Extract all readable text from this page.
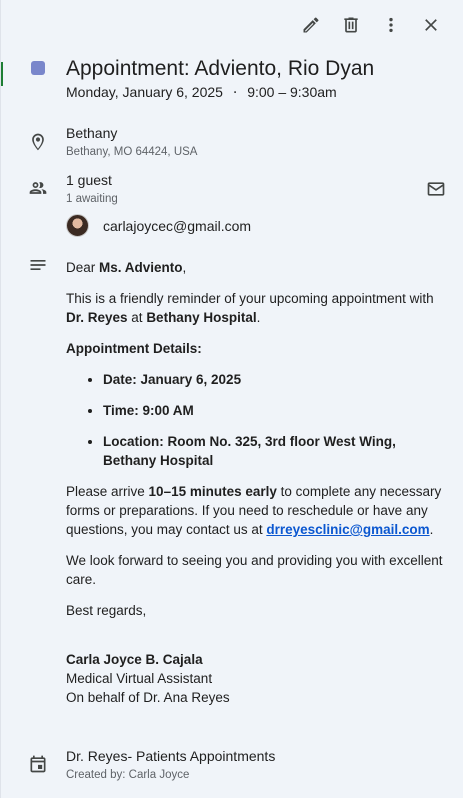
Appointment: Adviento, Rio Dyan
Monday, January 6, 2025 ⋅ 9:00 – 9:30am
Bethany
Bethany, MO 64424, USA
1 guest
1 awaiting
carlajoycec@gmail.com

Dear Ms. Adviento,

This is a friendly reminder of your upcoming appointment with Dr. Reyes at Bethany Hospital.

Appointment Details:

• Date: January 6, 2025
• Time: 9:00 AM
• Location: Room No. 325, 3rd floor West Wing, Bethany Hospital

Please arrive 10–15 minutes early to complete any necessary forms or preparations. If you need to reschedule or have any questions, you may contact us at drreyesclinic@gmail.com.

We look forward to seeing you and providing you with excellent care.

Best regards,

Carla Joyce B. Cajala
Medical Virtual Assistant
On behalf of Dr. Ana Reyes
Dr. Reyes- Patients Appointments
Created by: Carla Joyce
